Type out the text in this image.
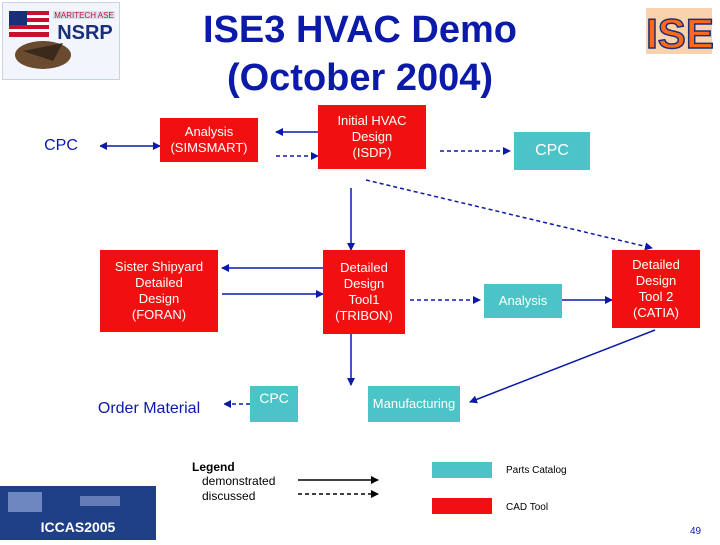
MARITECH ASE
NSRP	ISE
ICCAS2005
ISE3 HVAC Demo
(October 2004)
CPC
Analysis
(SIMSMART)
Initial HVAC
Design
(ISDP)	CPC
Sister Shipyard
Detailed
Design
(FORAN)
Detailed
Design
Tool1
(TRIBON)
Analysis
Detailed
Design
Tool 2
(CATIA)
Order Material
CPC	Manufacturing
Legend
demonstrated
discussed
Parts Catalog
CAD Tool
49
